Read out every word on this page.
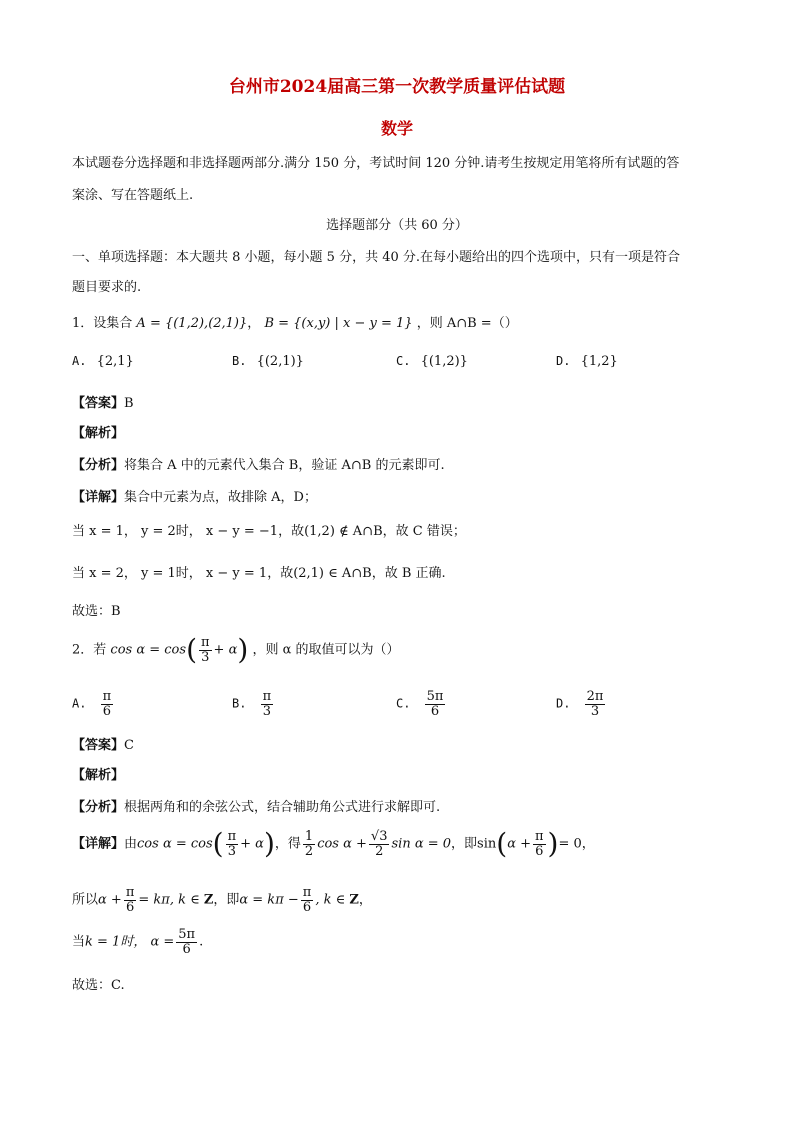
台州市2024届高三第一次教学质量评估试题
数学
本试题卷分选择题和非选择题两部分.满分 150 分，考试时间 120 分钟.请考生按规定用笔将所有试题的答
案涂、写在答题纸上.
选择题部分（共 60 分）
一、单项选择题：本大题共 8 小题，每小题 5 分，共 40 分.在每小题给出的四个选项中，只有一项是符合
题目要求的.
1．设集合 A = {(1,2),(2,1)}， B = {(x,y) | x − y = 1} ，则 A∩B =（）
A. {2,1}	B. {(2,1)}	C. {(1,2)}	D. {1,2}
【答案】B
【解析】
【分析】将集合 A 中的元素代入集合 B，验证 A∩B 的元素即可.
【详解】集合中元素为点，故排除 A，D；
当 x = 1， y = 2时， x − y = −1，故(1,2) ∉ A∩B，故 C 错误；
当 x = 2， y = 1时， x − y = 1，故(2,1) ∈ A∩B，故 B 正确.
故选：B
2．若 $\cos \alpha = \cos( \frac{\pi}{3} + \alpha)$ ，则 α 的取值可以为（）
A. $\frac{\pi}{6}$	B. $\frac{\pi}{3}$	C. $\frac{5\pi}{6}$	D. $\frac{2\pi}{3}$
【答案】C
【解析】
【分析】根据两角和的余弦公式，结合辅助角公式进行求解即可.
【详解】由$\cos \alpha = \cos( \frac{\pi}{3} + \alpha)$，得 $\frac{1}{2}$ $\cos \alpha + \frac{√3}{2}$ sin α = 0，即$\sin(\alpha + \frac{\pi}{6}$ )= 0，
所以$\alpha + \frac{\pi}{6} = k\pi$, k ∈ Z，即$\alpha = k\pi - \frac{\pi}{6}$ , k ∈ Z，
当k = 1时， $\alpha = \frac{5\pi}{6}$ .
故选：C.
